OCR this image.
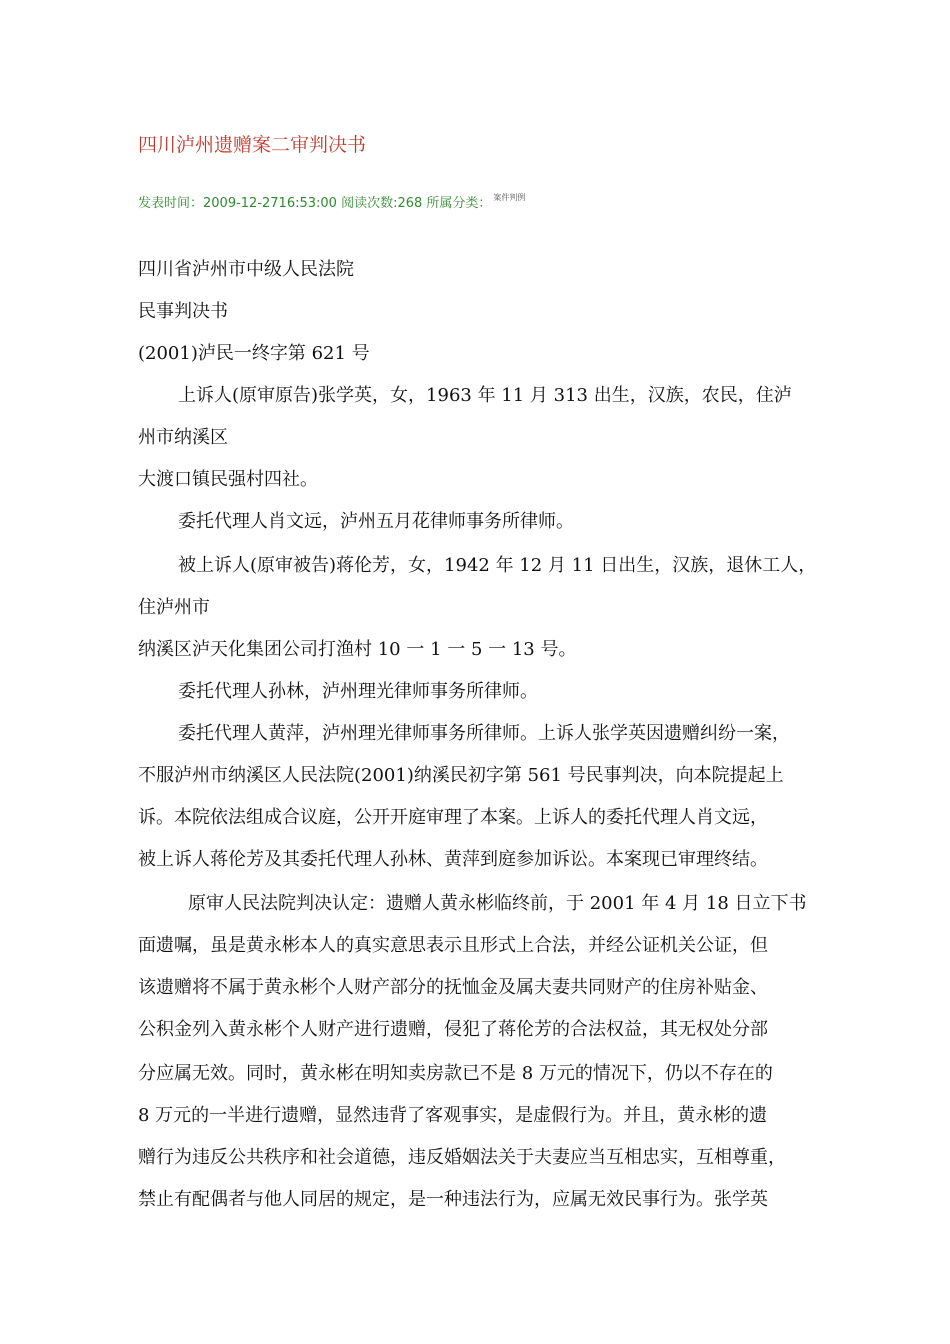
四川泸州遗赠案二审判决书
发表时间：2009-12-2716:53:00 阅读次数:268 所属分类： $^{案件判例}$
四川省泸州市中级人民法院
民事判决书
(2001)泸民一终字第 621 号
上诉人(原审原告)张学英，女，1963 年 11 月 313 出生，汉族，农民，住泸
州市纳溪区
大渡口镇民强村四社。
委托代理人肖文远，泸州五月花律师事务所律师。
被上诉人(原审被告)蒋伦芳，女，1942 年 12 月 11 日出生，汉族，退休工人，
住泸州市
纳溪区泸天化集团公司打渔村 10 一 1 一 5 一 13 号。
委托代理人孙林，泸州理光律师事务所律师。
委托代理人黄萍，泸州理光律师事务所律师。上诉人张学英因遗赠纠纷一案，
不服泸州市纳溪区人民法院(2001)纳溪民初字第 561 号民事判决，向本院提起上
诉。本院依法组成合议庭，公开开庭审理了本案。上诉人的委托代理人肖文远，
被上诉人蒋伦芳及其委托代理人孙林、黄萍到庭参加诉讼。本案现已审理终结。
原审人民法院判决认定：遗赠人黄永彬临终前，于 2001 年 4 月 18 日立下书
面遗嘱，虽是黄永彬本人的真实意思表示且形式上合法，并经公证机关公证，但
该遗赠将不属于黄永彬个人财产部分的抚恤金及属夫妻共同财产的住房补贴金、
公积金列入黄永彬个人财产进行遗赠，侵犯了蒋伦芳的合法权益，其无权处分部
分应属无效。同时，黄永彬在明知卖房款已不是 8 万元的情况下，仍以不存在的
8 万元的一半进行遗赠，显然违背了客观事实，是虚假行为。并且，黄永彬的遗
赠行为违反公共秩序和社会道德，违反婚姻法关于夫妻应当互相忠实，互相尊重，
禁止有配偶者与他人同居的规定，是一种违法行为，应属无效民事行为。张学英
